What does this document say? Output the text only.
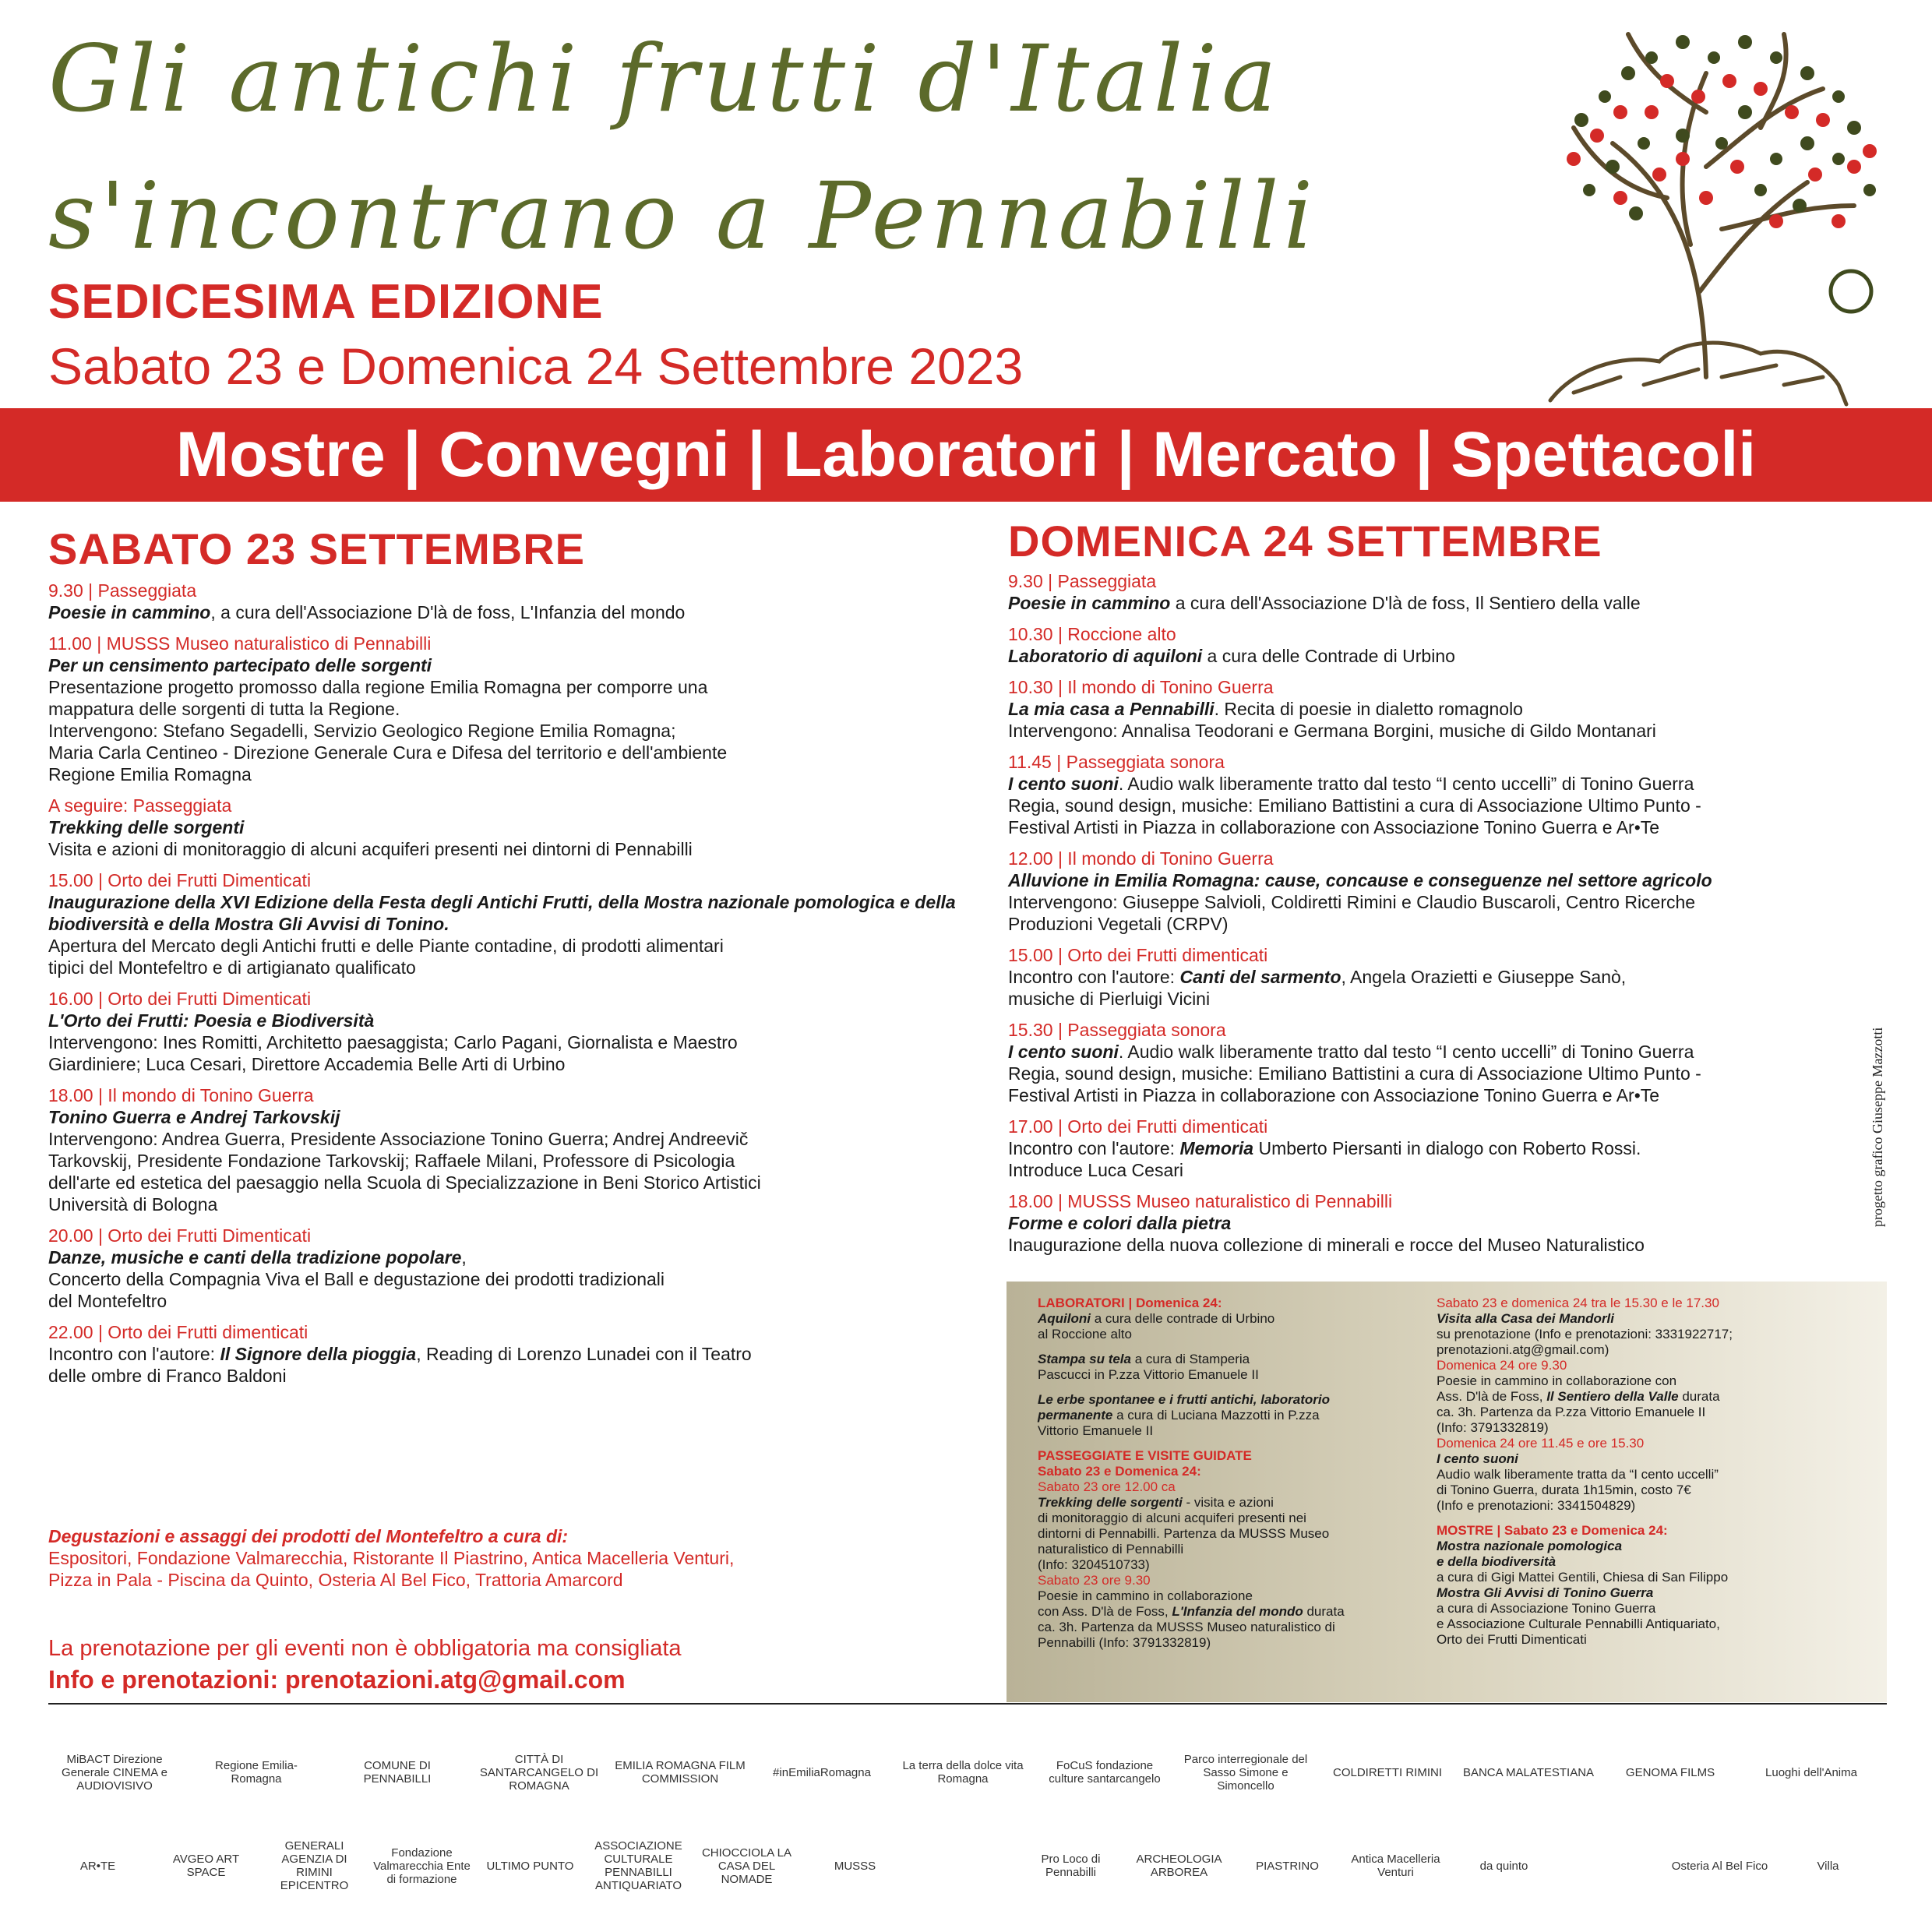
Gli antichi frutti d'Italia
s'incontrano a Pennabilli
SEDICESIMA EDIZIONE
Sabato 23 e Domenica 24 Settembre 2023
Mostre | Convegni | Laboratori | Mercato | Spettacoli
SABATO 23 SETTEMBRE

9.30 | Passeggiata

Poesie in cammino, a cura dell'Associazione D'là de foss, L'Infanzia del mondo

11.00 | MUSSS Museo naturalistico di Pennabilli

Per un censimento partecipato delle sorgenti

Presentazione progetto promosso dalla regione Emilia Romagna per comporre una

mappatura delle sorgenti di tutta la Regione.

Intervengono: Stefano Segadelli, Servizio Geologico Regione Emilia Romagna;

Maria Carla Centineo - Direzione Generale Cura e Difesa del territorio e dell'ambiente

Regione Emilia Romagna

A seguire: Passeggiata

Trekking delle sorgenti

Visita e azioni di monitoraggio di alcuni acquiferi presenti nei dintorni di Pennabilli

15.00 | Orto dei Frutti Dimenticati

Inaugurazione della XVI Edizione della Festa degli Antichi Frutti, della Mostra nazionale pomologica e della biodiversità e della Mostra Gli Avvisi di Tonino.

Apertura del Mercato degli Antichi frutti e delle Piante contadine, di prodotti alimentari

tipici del Montefeltro e di artigianato qualificato

16.00 | Orto dei Frutti Dimenticati

L'Orto dei Frutti: Poesia e Biodiversità

Intervengono: Ines Romitti, Architetto paesaggista; Carlo Pagani, Giornalista e Maestro

Giardiniere; Luca Cesari, Direttore Accademia Belle Arti di Urbino

18.00 | Il mondo di Tonino Guerra

Tonino Guerra e Andrej Tarkovskij

Intervengono: Andrea Guerra, Presidente Associazione Tonino Guerra; Andrej Andreevič

Tarkovskij, Presidente Fondazione Tarkovskij; Raffaele Milani, Professore di Psicologia

dell'arte ed estetica del paesaggio nella Scuola di Specializzazione in Beni Storico Artistici

Università di Bologna

20.00 | Orto dei Frutti Dimenticati

Danze, musiche e canti della tradizione popolare,

Concerto della Compagnia Viva el Ball e degustazione dei prodotti tradizionali

del Montefeltro

22.00 | Orto dei Frutti dimenticati

Incontro con l'autore: Il Signore della pioggia, Reading di Lorenzo Lunadei con il Teatro

delle ombre di Franco Baldoni

Degustazioni e assaggi dei prodotti del Montefeltro a cura di:

Espositori, Fondazione Valmarecchia, Ristorante Il Piastrino, Antica Macelleria Venturi,

Pizza in Pala - Piscina da Quinto, Osteria Al Bel Fico, Trattoria Amarcord

La prenotazione per gli eventi non è obbligatoria ma consigliata
Info e prenotazioni: prenotazioni.atg@gmail.com
DOMENICA 24 SETTEMBRE

9.30 | Passeggiata

Poesie in cammino a cura dell'Associazione D'là de foss, Il Sentiero della valle

10.30 | Roccione alto

Laboratorio di aquiloni a cura delle Contrade di Urbino

10.30 | Il mondo di Tonino Guerra

La mia casa a Pennabilli. Recita di poesie in dialetto romagnolo

Intervengono: Annalisa Teodorani e Germana Borgini, musiche di Gildo Montanari

11.45 | Passeggiata sonora

I cento suoni. Audio walk liberamente tratto dal testo “I cento uccelli” di Tonino Guerra

Regia, sound design, musiche: Emiliano Battistini a cura di Associazione Ultimo Punto -

Festival Artisti in Piazza in collaborazione con Associazione Tonino Guerra e Ar•Te

12.00 | Il mondo di Tonino Guerra

Alluvione in Emilia Romagna: cause, concause e conseguenze nel settore agricolo

Intervengono: Giuseppe Salvioli, Coldiretti Rimini e Claudio Buscaroli, Centro Ricerche

Produzioni Vegetali (CRPV)

15.00 | Orto dei Frutti dimenticati

Incontro con l'autore: Canti del sarmento, Angela Orazietti e Giuseppe Sanò,

musiche di Pierluigi Vicini

15.30 | Passeggiata sonora

I cento suoni. Audio walk liberamente tratto dal testo “I cento uccelli” di Tonino Guerra

Regia, sound design, musiche: Emiliano Battistini a cura di Associazione Ultimo Punto -

Festival Artisti in Piazza in collaborazione con Associazione Tonino Guerra e Ar•Te

17.00 | Orto dei Frutti dimenticati

Incontro con l'autore: Memoria Umberto Piersanti in dialogo con Roberto Rossi.

Introduce Luca Cesari

18.00 | MUSSS Museo naturalistico di Pennabilli

Forme e colori dalla pietra

Inaugurazione della nuova collezione di minerali e rocce del Museo Naturalistico

LABORATORI | Domenica 24:

Aquiloni a cura delle contrade di Urbino

al Roccione alto

Stampa su tela a cura di Stamperia

Pascucci in P.zza Vittorio Emanuele II

Le erbe spontanee e i frutti antichi, laboratorio

permanente a cura di Luciana Mazzotti in P.zza

Vittorio Emanuele II

PASSEGGIATE E VISITE GUIDATE

Sabato 23 e Domenica 24:

Sabato 23 ore 12.00 ca

Trekking delle sorgenti - visita e azioni

di monitoraggio di alcuni acquiferi presenti nei

dintorni di Pennabilli. Partenza da MUSSS Museo

naturalistico di Pennabilli

(Info: 3204510733)

Sabato 23 ore 9.30

Poesie in cammino in collaborazione

con Ass. D'là de Foss, L'Infanzia del mondo durata

ca. 3h. Partenza da MUSSS Museo naturalistico di

Pennabilli (Info: 3791332819)

Sabato 23 e domenica 24 tra le 15.30 e le 17.30

Visita alla Casa dei Mandorli

su prenotazione (Info e prenotazioni: 3331922717;

prenotazioni.atg@gmail.com)

Domenica 24 ore 9.30

Poesie in cammino in collaborazione con

Ass. D'là de Foss, Il Sentiero della Valle durata

ca. 3h. Partenza da P.zza Vittorio Emanuele II

(Info: 3791332819)

Domenica 24 ore 11.45 e ore 15.30

I cento suoni

Audio walk liberamente tratta da “I cento uccelli”

di Tonino Guerra, durata 1h15min, costo 7€

(Info e prenotazioni: 3341504829)

MOSTRE | Sabato 23 e Domenica 24:

Mostra nazionale pomologica

e della biodiversità

a cura di Gigi Mattei Gentili, Chiesa di San Filippo

Mostra Gli Avvisi di Tonino Guerra

a cura di Associazione Tonino Guerra

e Associazione Culturale Pennabilli Antiquariato,

Orto dei Frutti Dimenticati

progetto grafico Giuseppe Mazzotti
MiBACT Direzione Generale CINEMA e AUDIOVISIVO
Regione Emilia-Romagna
COMUNE DI PENNABILLI
CITTÀ DI SANTARCANGELO DI ROMAGNA
EMILIA ROMAGNA FILM COMMISSION	#inEmiliaRomagna	La terra della dolce vita Romagna
FoCuS fondazione culture santarcangelo
Parco interregionale del Sasso Simone e Simoncello
COLDIRETTI RIMINI	BANCA MALATESTIANA	GENOMA FILMS	Luoghi dell'Anima
AR•TE	AVGEO ART SPACE
GENERALI AGENZIA DI RIMINI EPICENTRO
Fondazione Valmarecchia Ente di formazione
ULTIMO PUNTO
ASSOCIAZIONE CULTURALE PENNABILLI ANTIQUARIATO
CHIOCCIOLA LA CASA DEL NOMADE
MUSSS	Pro Loco di Pennabilli
ARCHEOLOGIA ARBOREA	PIASTRINO	Antica Macelleria Venturi	da quinto	Osteria Al Bel Fico	Villa
